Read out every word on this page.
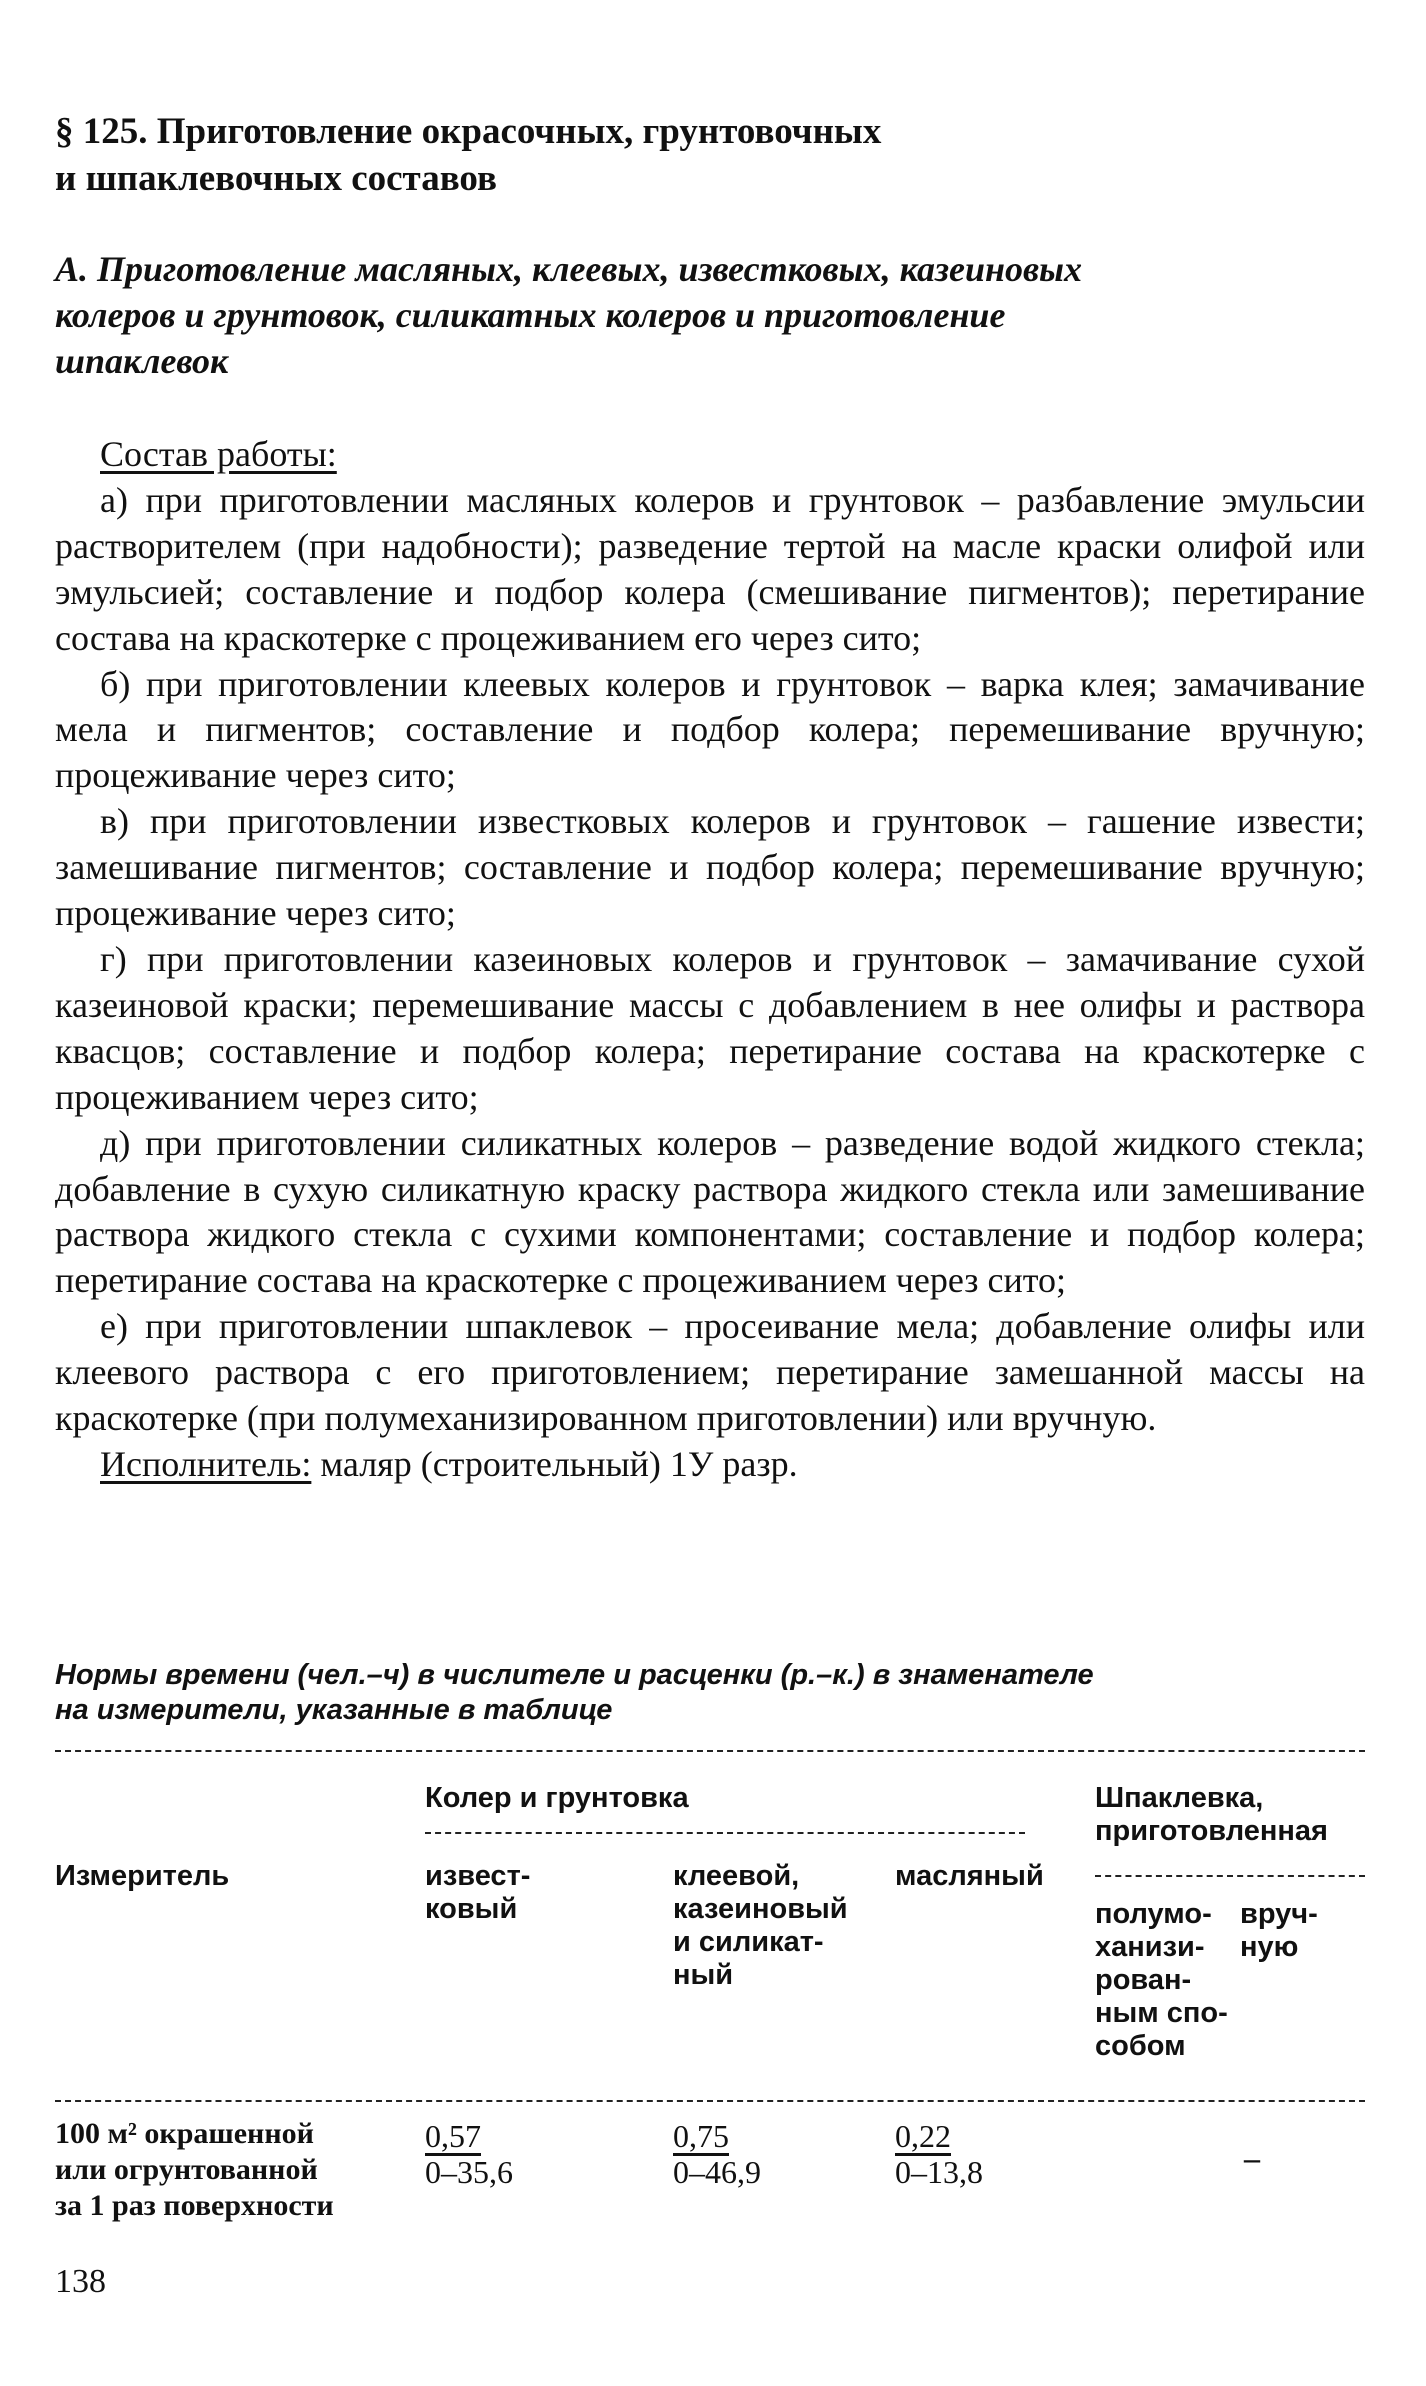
§ 125. Приготовление окрасочных, грунтовочных
и шпаклевочных составов
А. Приготовление масляных, клеевых, известковых, казеиновых
колеров и грунтовок, силикатных колеров и приготовление
шпаклевок

Состав работы:

а) при приготовлении масляных колеров и грунтовок – разбавление эмульсии растворителем (при надобности); разведение тертой на масле краски олифой или эмульсией; составление и подбор колера (смешивание пигментов); перетирание состава на краскотерке с процеживанием его через сито;

б) при приготовлении клеевых колеров и грунтовок – варка клея; замачивание мела и пигментов; составление и подбор колера; перемешивание вручную; процеживание через сито;

в) при приготовлении известковых колеров и грунтовок – гашение извести; замешивание пигментов; составление и подбор колера; перемешивание вручную; процеживание через сито;

г) при приготовлении казеиновых колеров и грунтовок – замачивание сухой казеиновой краски; перемешивание массы с добавлением в нее олифы и раствора квасцов; составление и подбор колера; перетирание состава на краскотерке с процеживанием через сито;

д) при приготовлении силикатных колеров – разведение водой жидкого стекла; добавление в сухую силикатную краску раствора жидкого стекла или замешивание раствора жидкого стекла с сухими компонентами; составление и подбор колера; перетирание состава на краскотерке с процеживанием через сито;

е) при приготовлении шпаклевок – просеивание мела; добавление олифы или клеевого раствора с его приготовлением; перетирание замешанной массы на краскотерке (при полумеханизированном приготовлении) или вручную.

Исполнитель: маляр (строительный) 1У разр.

Нормы времени (чел.–ч) в числителе и расценки (р.–к.) в знаменателе
на измерители, указанные в таблице
Измеритель
Колер и грунтовка
извест-
ковый
клеевой,
казеиновый
и силикат-
ный
масляный
Шпаклевка,
приготовленная
полумо-
ханизи-
рован-
ным спо-
собом
вруч-
ную
100 м² окрашенной
или огрунтованной
за 1 раз поверхности
0,57
0–35,6
0,75
0–46,9
0,22
0–13,8	–
138
